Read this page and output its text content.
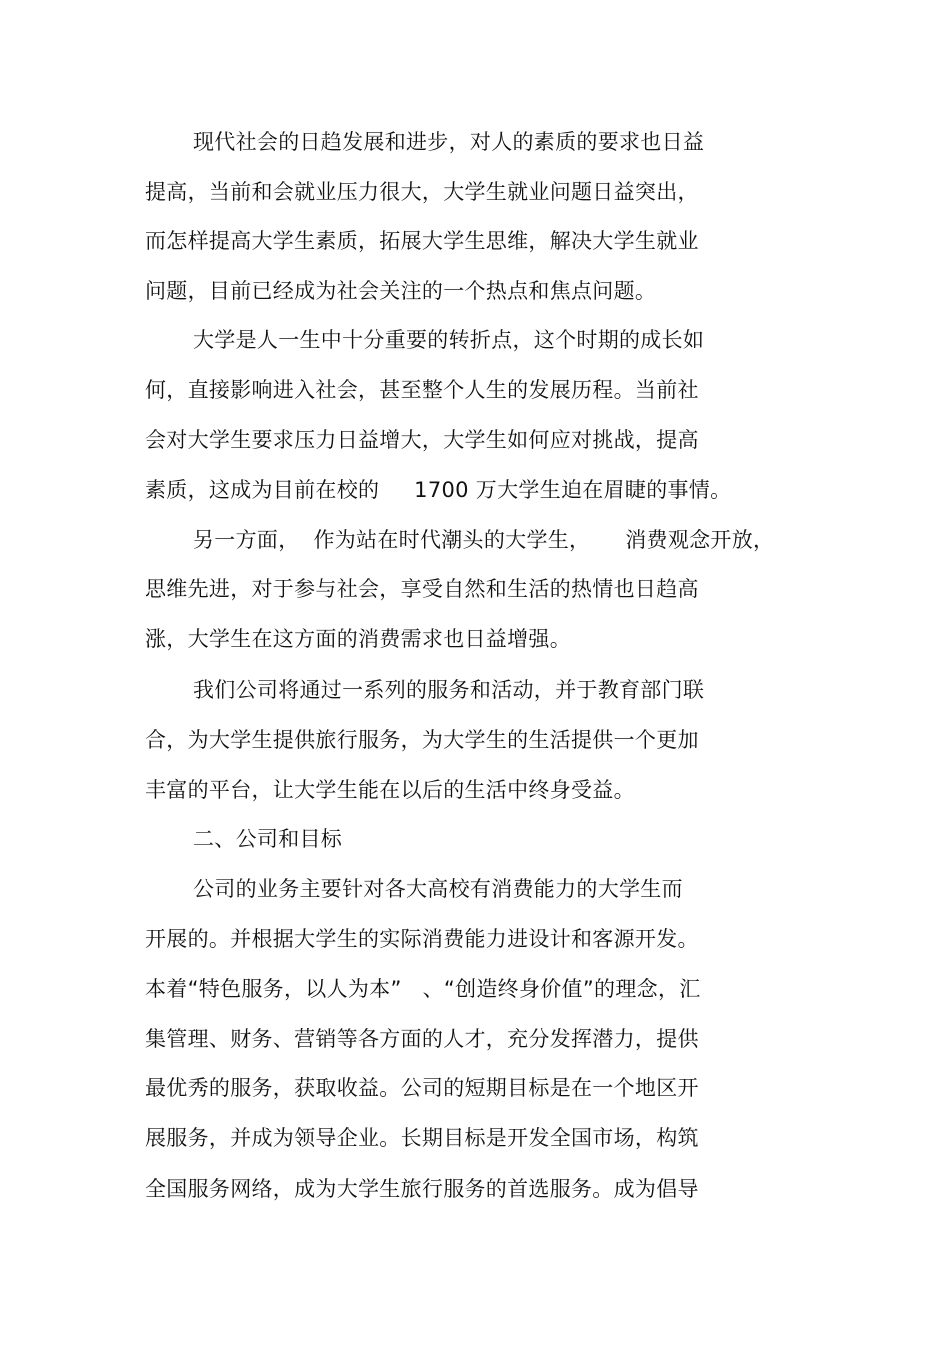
现代社会的日趋发展和进步，对人的素质的要求也日益
提高，当前和会就业压力很大，大学生就业问题日益突出，
而怎样提高大学生素质，拓展大学生思维，解决大学生就业
问题，目前已经成为社会关注的一个热点和焦点问题。
大学是人一生中十分重要的转折点，这个时期的成长如
何，直接影响进入社会，甚至整个人生的发展历程。当前社
会对大学生要求压力日益增大，大学生如何应对挑战，提高
素质，这成为目前在校的     1700 万大学生迫在眉睫的事情。
另一方面，  作为站在时代潮头的大学生，     消费观念开放，
思维先进，对于参与社会，享受自然和生活的热情也日趋高
涨，大学生在这方面的消费需求也日益增强。
我们公司将通过一系列的服务和活动，并于教育部门联
合，为大学生提供旅行服务，为大学生的生活提供一个更加
丰富的平台，让大学生能在以后的生活中终身受益。
二、公司和目标
公司的业务主要针对各大高校有消费能力的大学生而
开展的。并根据大学生的实际消费能力进设计和客源开发。
本着“特色服务，以人为本”   、“创造终身价值”的理念，汇
集管理、财务、营销等各方面的人才，充分发挥潜力，提供
最优秀的服务，获取收益。公司的短期目标是在一个地区开
展服务，并成为领导企业。长期目标是开发全国市场，构筑
全国服务网络，成为大学生旅行服务的首选服务。成为倡导
